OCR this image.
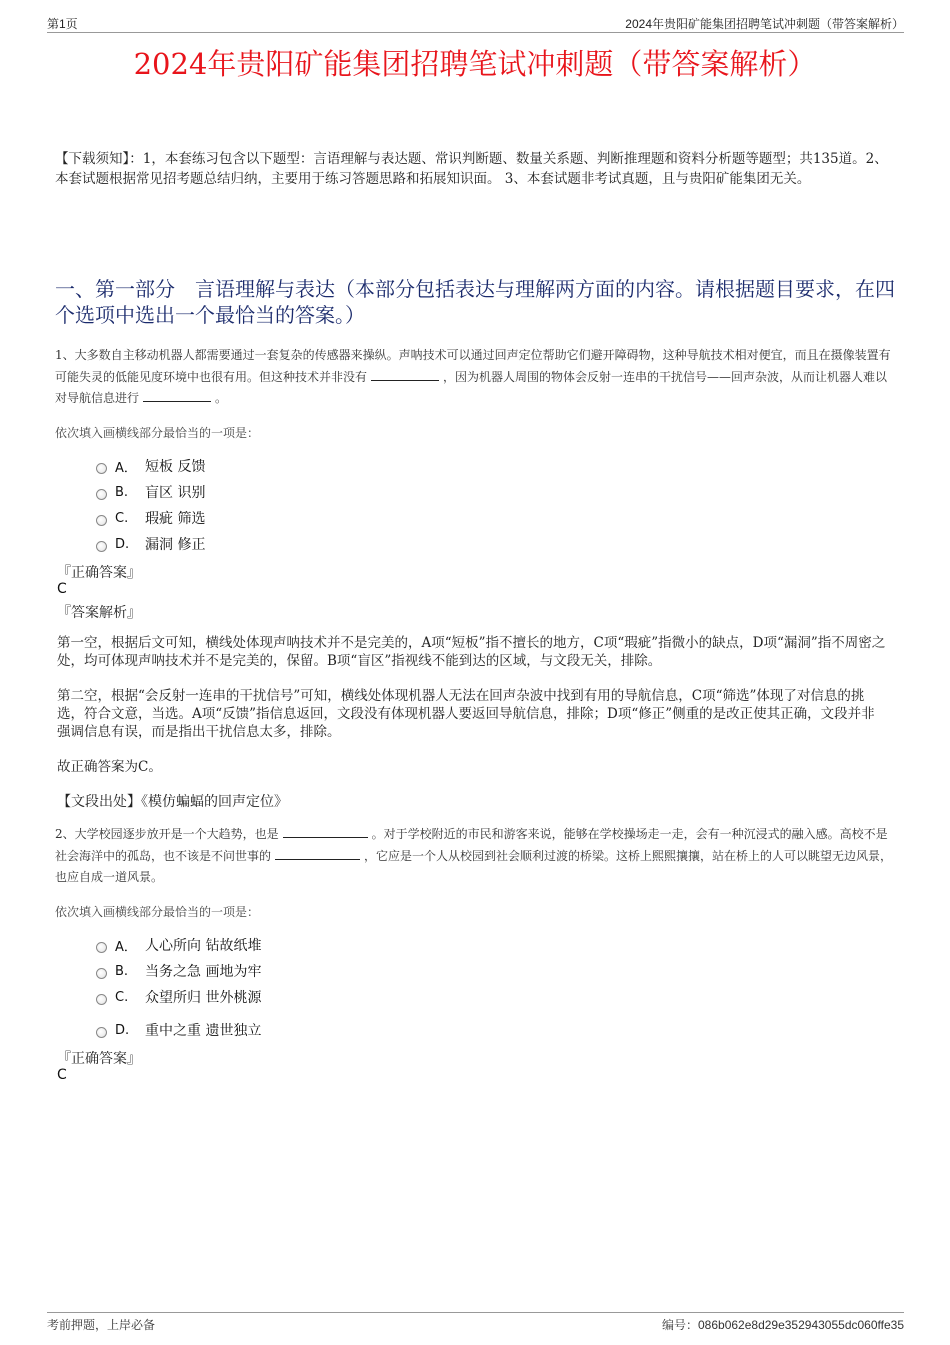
第1页	2024年贵阳矿能集团招聘笔试冲刺题（带答案解析）
2024年贵阳矿能集团招聘笔试冲刺题（带答案解析）
【下载须知】：1，本套练习包含以下题型：言语理解与表达题、常识判断题、数量关系题、判断推理题和资料分析题等题型；共135道。2、本套试题根据常见招考题总结归纳，主要用于练习答题思路和拓展知识面。 3、本套试题非考试真题，且与贵阳矿能集团无关。
一、第一部分　言语理解与表达（本部分包括表达与理解两方面的内容。请根据题目要求，在四个选项中选出一个最恰当的答案。）
1、大多数自主移动机器人都需要通过一套复杂的传感器来操纵。声呐技术可以通过回声定位帮助它们避开障碍物，这种导航技术相对便宜，而且在摄像装置有可能失灵的低能见度环境中也很有用。但这种技术并非没有	，因为机器人周围的物体会反射一连串的干扰信号——回声杂波，从而让机器人难以对导航信息进行	。
依次填入画横线部分最恰当的一项是：
A． 短板 反馈
B.	盲区 识别
C.	瑕疵 筛选
D.	漏洞 修正
『正确答案』
C
『答案解析』
第一空，根据后文可知，横线处体现声呐技术并不是完美的，A项“短板”指不擅长的地方，C项“瑕疵”指微小的缺点，D项“漏洞”指不周密之处，均可体现声呐技术并不是完美的，保留。B项“盲区”指视线不能到达的区域，与文段无关，排除。
第二空，根据“会反射一连串的干扰信号”可知，横线处体现机器人无法在回声杂波中找到有用的导航信息，C项“筛选”体现了对信息的挑选，符合文意，当选。A项“反馈”指信息返回，文段没有体现机器人要返回导航信息，排除；D项“修正”侧重的是改正使其正确，文段并非强调信息有误，而是指出干扰信息太多，排除。
故正确答案为C。
【文段出处】《模仿蝙蝠的回声定位》
2、大学校园逐步放开是一个大趋势，也是	。对于学校附近的市民和游客来说，能够在学校操场走一走，会有一种沉浸式的融入感。高校不是社会海洋中的孤岛，也不该是不问世事的	，它应是一个人从校园到社会顺利过渡的桥梁。这桥上熙熙攘攘，站在桥上的人可以眺望无边风景，也应自成一道风景。
依次填入画横线部分最恰当的一项是：
A． 人心所向 钻故纸堆
B.	当务之急 画地为牢
C.	众望所归 世外桃源
D.	重中之重 遗世独立
『正确答案』
C
考前押题，上岸必备	编号：086b062e8d29e352943055dc060ffe35
